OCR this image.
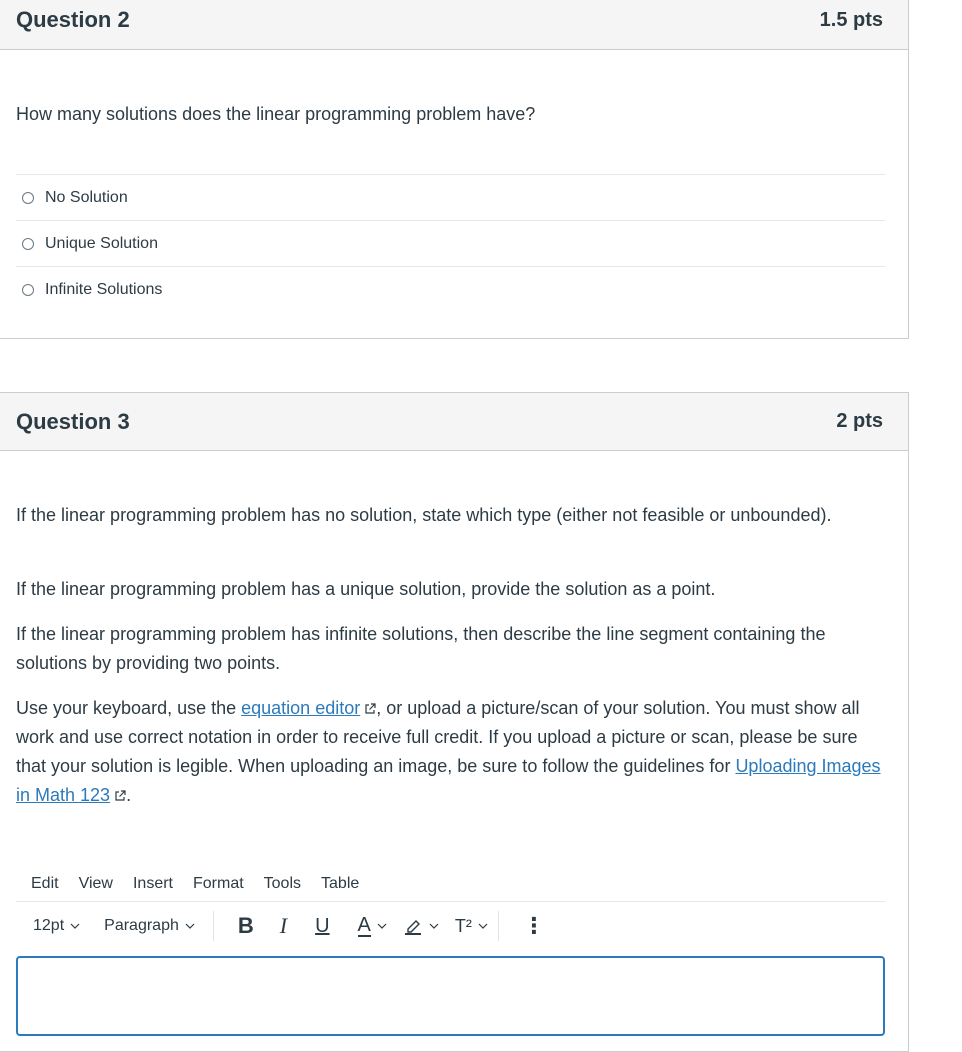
Question 2	1.5 pts
How many solutions does the linear programming problem have?
No Solution
Unique Solution
Infinite Solutions
Question 3	2 pts
If the linear programming problem has no solution, state which type (either not feasible or unbounded).
If the linear programming problem has a unique solution, provide the solution as a point.
If the linear programming problem has infinite solutions, then describe the line segment containing the solutions by providing two points.
Use your keyboard, use the equation editor , or upload a picture/scan of your solution. You must show all work and use correct notation in order to receive full credit. If you upload a picture or scan, please be sure that your solution is legible. When uploading an image, be sure to follow the guidelines for Uploading Images in Math 123 .
Edit View Insert Format Tools Table
12pt	Paragraph	B I U A	T² ⋮
